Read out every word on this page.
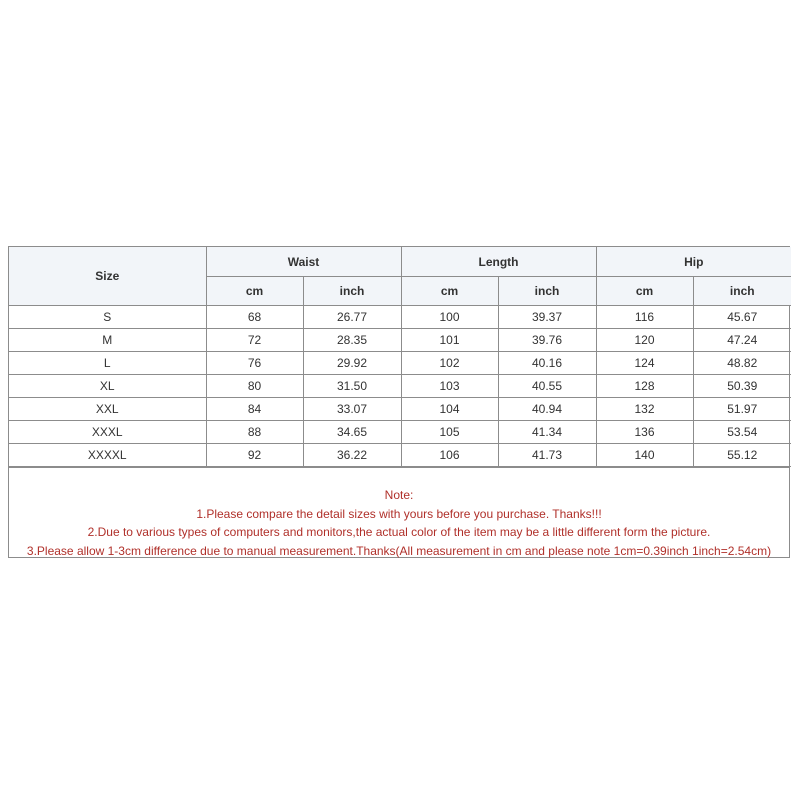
Size	Waist		Length		Hip	
	cm	inch	cm	inch	cm	inch
S	68	26.77	100	39.37	116	45.67
M	72	28.35	101	39.76	120	47.24
L	76	29.92	102	40.16	124	48.82
XL	80	31.50	103	40.55	128	50.39
XXL	84	33.07	104	40.94	132	51.97
XXXL	88	34.65	105	41.34	136	53.54
XXXXL	92	36.22	106	41.73	140	55.12
Note:
1.Please compare the detail sizes with yours before you purchase. Thanks!!!
2.Due to various types of computers and monitors,the actual color of the item may be a little different form the picture.
3.Please allow 1-3cm difference due to manual measurement.Thanks(All measurement in cm and please note 1cm=0.39inch 1inch=2.54cm)
